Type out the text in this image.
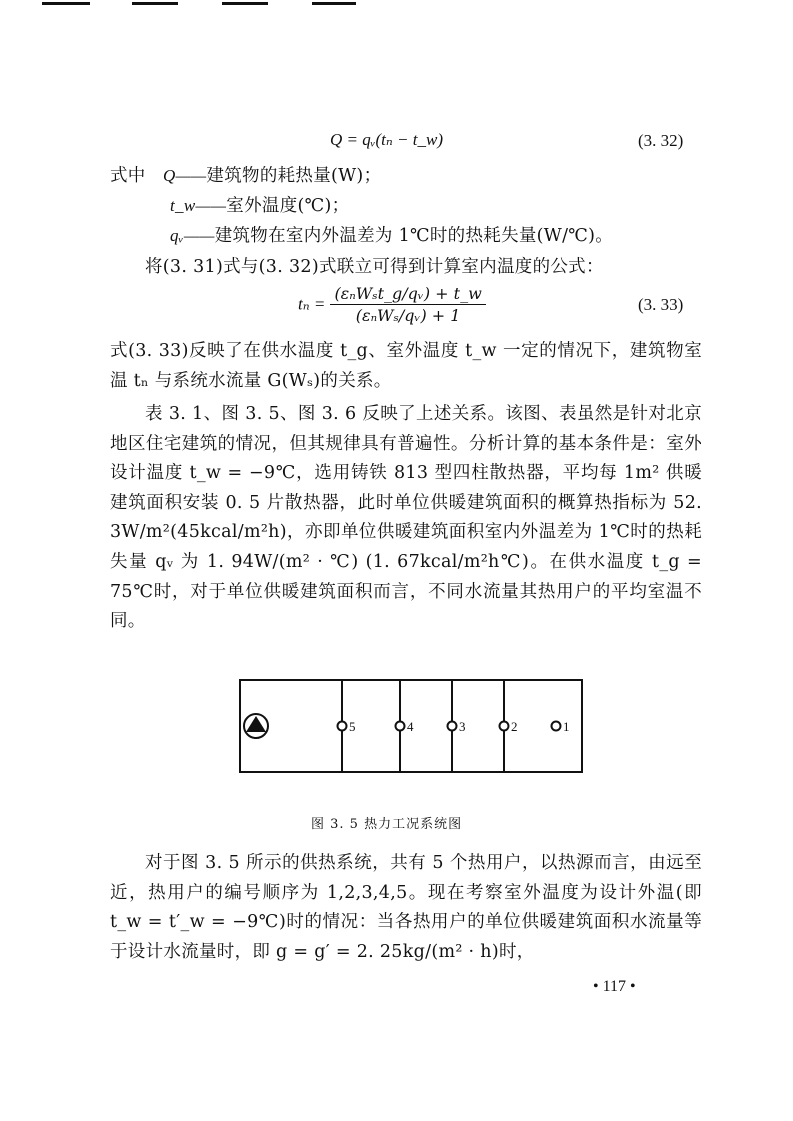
Q = qᵥ(tₙ − t_w)	(3. 32)
式中 Q——建筑物的耗热量(W)；
t_w——室外温度(℃)；
qᵥ——建筑物在室内外温差为 1℃时的热耗失量(W/℃)。
将(3. 31)式与(3. 32)式联立可得到计算室内温度的公式：
$t_n = \frac{\text{(εₙWₛt\_g/qᵥ) + t\_w}}{\text{(εₙWₛ/qᵥ) + 1}}$	(3. 33)
式(3. 33)反映了在供水温度 t_g、室外温度 t_w 一定的情况下，建筑物室温 tₙ 与系统水流量 G(Wₛ)的关系。
表 3. 1、图 3. 5、图 3. 6 反映了上述关系。该图、表虽然是针对北京地区住宅建筑的情况，但其规律具有普遍性。分析计算的基本条件是：室外设计温度 t_w = −9℃，选用铸铁 813 型四柱散热器，平均每 1m² 供暖建筑面积安装 0. 5 片散热器，此时单位供暖建筑面积的概算热指标为 52. 3W/m²(45kcal/m²h)，亦即单位供暖建筑面积室内外温差为 1℃时的热耗失量 qᵥ 为 1. 94W/(m² · ℃) (1. 67kcal/m²h℃)。在供水温度 t_g = 75℃时，对于单位供暖建筑面积而言，不同水流量其热用户的平均室温不同。
5	4	3	2	1
图 3. 5 热力工况系统图
对于图 3. 5 所示的供热系统，共有 5 个热用户，以热源而言，由远至近，热用户的编号顺序为 1,2,3,4,5。现在考察室外温度为设计外温(即 t_w = t′_w = −9℃)时的情况：当各热用户的单位供暖建筑面积水流量等于设计水流量时，即 g = g′ = 2. 25kg/(m² · h)时，
• 117 •
